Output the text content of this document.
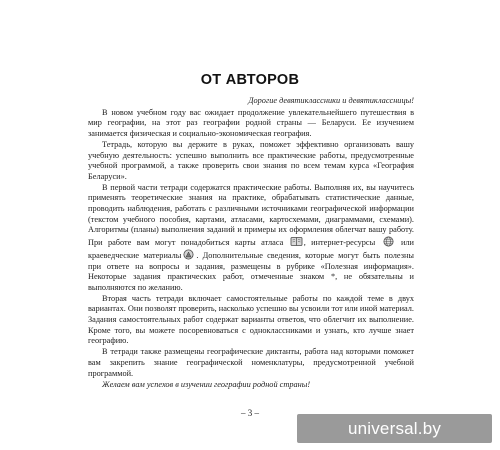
ОТ АВТОРОВ

Дорогие девятиклассники и девятиклассницы!

В новом учебном году вас ожидает продолжение увлекательнейшего путешествия в мир географии, на этот раз географии родной страны — Беларуси. Ее изучением занимается физическая и социально-экономическая география.

Тетрадь, которую вы держите в руках, поможет эффективно организовать вашу учебную деятельность: успешно выполнить все практические работы, предусмотренные учебной программой, а также проверить свои знания по всем темам курса «География Беларуси».

В первой части тетради содержатся практические работы. Выполняя их, вы научитесь применять теоретические знания на практике, обрабатывать статистические данные, проводить наблюдения, работать с различными источниками географической информации (текстом учебного пособия, картами, атласами, картосхемами, диаграммами, схемами). Алгоритмы (планы) выполнения заданий и примеры их оформления облегчат вашу работу. При работе вам могут понадобиться карты атласа , интернет-ресурсы	или краеведческие материалы . Дополнительные сведения, которые могут быть полезны при ответе на вопросы и задания, размещены в рубрике «Полезная информация». Некоторые задания практических работ, отмеченные знаком *, не обязательны и выполняются по желанию.

Вторая часть тетради включает самостоятельные работы по каждой теме в двух вариантах. Они позволят проверить, насколько успешно вы усвоили тот или иной материал. Задания самостоятельных работ содержат варианты ответов, что облегчит их выполнение. Кроме того, вы можете посоревноваться с одноклассниками и узнать, кто лучше знает географию.

В тетради также размещены географические диктанты, работа над которыми поможет вам закрепить знание географической номенклатуры, предусмотренной учебной программой.

Желаем вам успехов в изучении географии родной страны!

– 3 –
universal.by
